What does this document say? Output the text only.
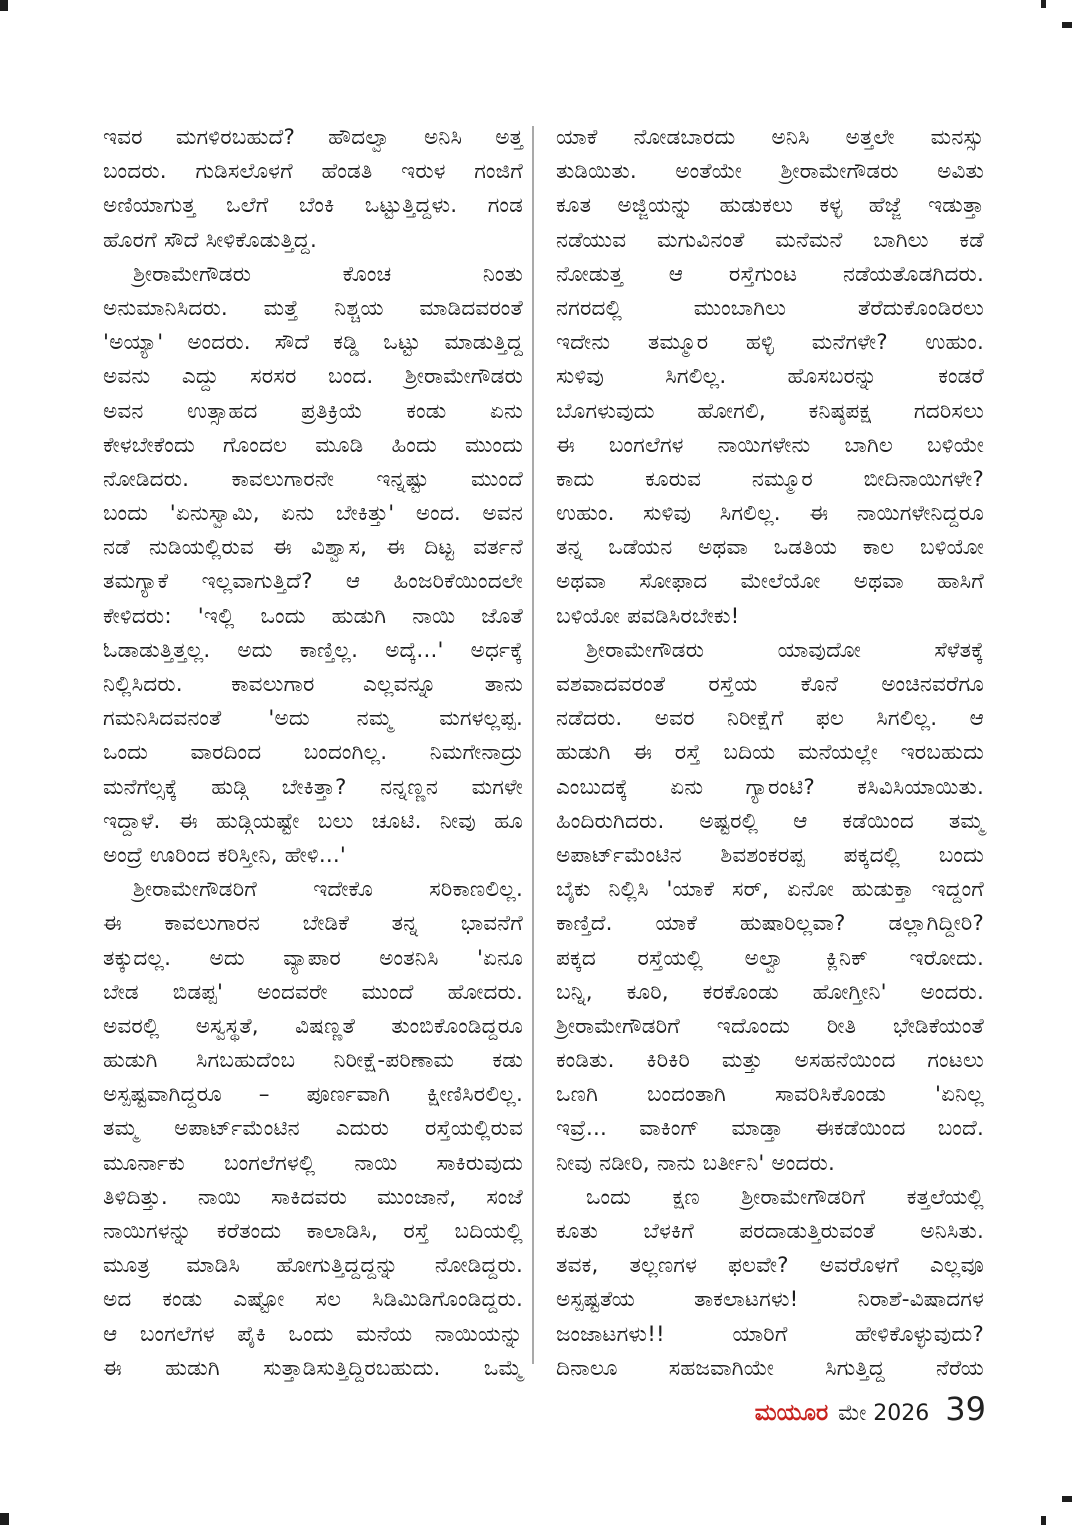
ಇವರ ಮಗಳಿರಬಹುದೆ? ಹೌದಲ್ವಾ ಅನಿಸಿ ಅತ್ತ
ಬಂದರು. ಗುಡಿಸಲೊಳಗೆ ಹೆಂಡತಿ ಇರುಳ ಗಂಜಿಗೆ
ಅಣಿಯಾಗುತ್ತ ಒಲೆಗೆ ಬೆಂಕಿ ಒಟ್ಟುತ್ತಿದ್ದಳು. ಗಂಡ
ಹೊರಗೆ ಸೌದೆ ಸೀಳಿಕೊಡುತ್ತಿದ್ದ.
ಶ್ರೀರಾಮೇಗೌಡರು ಕೊಂಚ ನಿಂತು
ಅನುಮಾನಿಸಿದರು. ಮತ್ತೆ ನಿಶ್ಚಯ ಮಾಡಿದವರಂತೆ
'ಅಯ್ಯಾ' ಅಂದರು. ಸೌದೆ ಕಡ್ಡಿ ಒಟ್ಟು ಮಾಡುತ್ತಿದ್ದ
ಅವನು ಎದ್ದು ಸರಸರ ಬಂದ. ಶ್ರೀರಾಮೇಗೌಡರು
ಅವನ ಉತ್ಸಾಹದ ಪ್ರತಿಕ್ರಿಯೆ ಕಂಡು ಏನು
ಕೇಳಬೇಕೆಂದು ಗೊಂದಲ ಮೂಡಿ ಹಿಂದು ಮುಂದು
ನೋಡಿದರು. ಕಾವಲುಗಾರನೇ ಇನ್ನಷ್ಟು ಮುಂದೆ
ಬಂದು 'ಏನುಸ್ವಾಮಿ, ಏನು ಬೇಕಿತ್ತು' ಅಂದ. ಅವನ
ನಡೆ ನುಡಿಯಲ್ಲಿರುವ ಈ ವಿಶ್ವಾಸ, ಈ ದಿಟ್ಟ ವರ್ತನೆ
ತಮಗ್ಯಾಕೆ ಇಲ್ಲವಾಗುತ್ತಿದೆ? ಆ ಹಿಂಜರಿಕೆಯಿಂದಲೇ
ಕೇಳಿದರು: 'ಇಲ್ಲಿ ಒಂದು ಹುಡುಗಿ ನಾಯಿ ಜೊತೆ
ಓಡಾಡುತ್ತಿತ್ತಲ್ಲ. ಅದು ಕಾಣ್ತಿಲ್ಲ. ಅದ್ಕೆ...' ಅರ್ಧಕ್ಕೆ
ನಿಲ್ಲಿಸಿದರು. ಕಾವಲುಗಾರ ಎಲ್ಲವನ್ನೂ ತಾನು
ಗಮನಿಸಿದವನಂತೆ 'ಅದು ನಮ್ಮ ಮಗಳಲ್ಲಪ್ಪ.
ಒಂದು ವಾರದಿಂದ ಬಂದಂಗಿಲ್ಲ. ನಿಮಗೇನಾದ್ರು
ಮನೆಗೆಲ್ಸಕ್ಕೆ ಹುಡ್ಗಿ ಬೇಕಿತ್ತಾ? ನನ್ನಣ್ಣನ ಮಗಳೇ
ಇದ್ದಾಳೆ. ಈ ಹುಡ್ಗಿಯಷ್ಟೇ ಬಲು ಚೂಟಿ. ನೀವು ಹೂ
ಅಂದ್ರೆ ಊರಿಂದ ಕರಿಸ್ತೀನಿ, ಹೇಳಿ...'
ಶ್ರೀರಾಮೇಗೌಡರಿಗೆ ಇದೇಕೊ ಸರಿಕಾಣಲಿಲ್ಲ.
ಈ ಕಾವಲುಗಾರನ ಬೇಡಿಕೆ ತನ್ನ ಭಾವನೆಗೆ
ತಕ್ಕುದಲ್ಲ. ಅದು ವ್ಯಾಪಾರ ಅಂತನಿಸಿ 'ಏನೂ
ಬೇಡ ಬಿಡಪ್ಪ' ಅಂದವರೇ ಮುಂದೆ ಹೋದರು.
ಅವರಲ್ಲಿ ಅಸ್ವಸ್ಥತೆ, ವಿಷಣ್ಣತೆ ತುಂಬಿಕೊಂಡಿದ್ದರೂ
ಹುಡುಗಿ ಸಿಗಬಹುದೆಂಬ ನಿರೀಕ್ಷೆ-ಪರಿಣಾಮ ಕಡು
ಅಸ್ಪಷ್ಟವಾಗಿದ್ದರೂ – ಪೂರ್ಣವಾಗಿ ಕ್ಷೀಣಿಸಿರಲಿಲ್ಲ.
ತಮ್ಮ ಅಪಾರ್ಟ್‌ಮೆಂಟಿನ ಎದುರು ರಸ್ತೆಯಲ್ಲಿರುವ
ಮೂರ್ನಾಕು ಬಂಗಲೆಗಳಲ್ಲಿ ನಾಯಿ ಸಾಕಿರುವುದು
ತಿಳಿದಿತ್ತು. ನಾಯಿ ಸಾಕಿದವರು ಮುಂಜಾನೆ, ಸಂಜೆ
ನಾಯಿಗಳನ್ನು ಕರೆತಂದು ಕಾಲಾಡಿಸಿ, ರಸ್ತೆ ಬದಿಯಲ್ಲಿ
ಮೂತ್ರ ಮಾಡಿಸಿ ಹೋಗುತ್ತಿದ್ದದ್ದನ್ನು ನೋಡಿದ್ದರು.
ಅದ ಕಂಡು ಎಷ್ಟೋ ಸಲ ಸಿಡಿಮಿಡಿಗೊಂಡಿದ್ದರು.
ಆ ಬಂಗಲೆಗಳ ಪೈಕಿ ಒಂದು ಮನೆಯ ನಾಯಿಯನ್ನು
ಈ ಹುಡುಗಿ ಸುತ್ತಾಡಿಸುತ್ತಿದ್ದಿರಬಹುದು. ಒಮ್ಮೆ
ಯಾಕೆ ನೋಡಬಾರದು ಅನಿಸಿ ಅತ್ತಲೇ ಮನಸ್ಸು
ತುಡಿಯಿತು. ಅಂತೆಯೇ ಶ್ರೀರಾಮೇಗೌಡರು ಅವಿತು
ಕೂತ ಅಜ್ಜಿಯನ್ನು ಹುಡುಕಲು ಕಳ್ಳ ಹೆಜ್ಜೆ ಇಡುತ್ತಾ
ನಡೆಯುವ ಮಗುವಿನಂತೆ ಮನೆಮನೆ ಬಾಗಿಲು ಕಡೆ
ನೋಡುತ್ತ ಆ ರಸ್ತೆಗುಂಟ ನಡೆಯತೊಡಗಿದರು.
ನಗರದಲ್ಲಿ ಮುಂಬಾಗಿಲು ತೆರೆದುಕೊಂಡಿರಲು
ಇದೇನು ತಮ್ಮೂರ ಹಳ್ಳಿ ಮನೆಗಳೇ? ಉಹುಂ.
ಸುಳಿವು ಸಿಗಲಿಲ್ಲ. ಹೊಸಬರನ್ನು ಕಂಡರೆ
ಬೊಗಳುವುದು ಹೋಗಲಿ, ಕನಿಷ್ಠಪಕ್ಷ ಗದರಿಸಲು
ಈ ಬಂಗಲೆಗಳ ನಾಯಿಗಳೇನು ಬಾಗಿಲ ಬಳಿಯೇ
ಕಾದು ಕೂರುವ ನಮ್ಮೂರ ಬೀದಿನಾಯಿಗಳೇ?
ಉಹುಂ. ಸುಳಿವು ಸಿಗಲಿಲ್ಲ. ಈ ನಾಯಿಗಳೇನಿದ್ದರೂ
ತನ್ನ ಒಡೆಯನ ಅಥವಾ ಒಡತಿಯ ಕಾಲ ಬಳಿಯೋ
ಅಥವಾ ಸೋಫಾದ ಮೇಲೆಯೋ ಅಥವಾ ಹಾಸಿಗೆ
ಬಳಿಯೋ ಪವಡಿಸಿರಬೇಕು!
ಶ್ರೀರಾಮೇಗೌಡರು ಯಾವುದೋ ಸೆಳೆತಕ್ಕೆ
ವಶವಾದವರಂತೆ ರಸ್ತೆಯ ಕೊನೆ ಅಂಚಿನವರೆಗೂ
ನಡೆದರು. ಅವರ ನಿರೀಕ್ಷೆಗೆ ಫಲ ಸಿಗಲಿಲ್ಲ. ಆ
ಹುಡುಗಿ ಈ ರಸ್ತೆ ಬದಿಯ ಮನೆಯಲ್ಲೇ ಇರಬಹುದು
ಎಂಬುದಕ್ಕೆ ಏನು ಗ್ಯಾರಂಟಿ? ಕಸಿವಿಸಿಯಾಯಿತು.
ಹಿಂದಿರುಗಿದರು. ಅಷ್ಟರಲ್ಲಿ ಆ ಕಡೆಯಿಂದ ತಮ್ಮ
ಅಪಾರ್ಟ್‌ಮೆಂಟಿನ ಶಿವಶಂಕರಪ್ಪ ಪಕ್ಕದಲ್ಲಿ ಬಂದು
ಬೈಕು ನಿಲ್ಲಿಸಿ 'ಯಾಕೆ ಸರ್, ಏನೋ ಹುಡುಕ್ತಾ ಇದ್ದಂಗೆ
ಕಾಣ್ತಿದೆ. ಯಾಕೆ ಹುಷಾರಿಲ್ಲವಾ? ಡಲ್ಲಾಗಿದ್ದೀರಿ?
ಪಕ್ಕದ ರಸ್ತೆಯಲ್ಲಿ ಅಲ್ವಾ ಕ್ಲಿನಿಕ್ ಇರೋದು.
ಬನ್ನಿ, ಕೂರಿ, ಕರಕೊಂಡು ಹೋಗ್ತೀನಿ' ಅಂದರು.
ಶ್ರೀರಾಮೇಗೌಡರಿಗೆ ಇದೊಂದು ರೀತಿ ಭೇಡಿಕೆಯಂತೆ
ಕಂಡಿತು. ಕಿರಿಕಿರಿ ಮತ್ತು ಅಸಹನೆಯಿಂದ ಗಂಟಲು
ಒಣಗಿ ಬಂದಂತಾಗಿ ಸಾವರಿಸಿಕೊಂಡು 'ಏನಿಲ್ಲ
ಇವ್ರೆ... ವಾಕಿಂಗ್ ಮಾಡ್ತಾ ಈಕಡೆಯಿಂದ ಬಂದೆ.
ನೀವು ನಡೀರಿ, ನಾನು ಬರ್ತೀನಿ' ಅಂದರು.
ಒಂದು ಕ್ಷಣ ಶ್ರೀರಾಮೇಗೌಡರಿಗೆ ಕತ್ತಲೆಯಲ್ಲಿ
ಕೂತು ಬೆಳಕಿಗೆ ಪರದಾಡುತ್ತಿರುವಂತೆ ಅನಿಸಿತು.
ತವಕ, ತಲ್ಲಣಗಳ ಫಲವೇ? ಅವರೊಳಗೆ ಎಲ್ಲವೂ
ಅಸ್ಪಷ್ಟತೆಯ ತಾಕಲಾಟಗಳು! ನಿರಾಶೆ-ವಿಷಾದಗಳ
ಜಂಜಾಟಗಳು!! ಯಾರಿಗೆ ಹೇಳಿಕೊಳ್ಳುವುದು?
ದಿನಾಲೂ ಸಹಜವಾಗಿಯೇ ಸಿಗುತ್ತಿದ್ದ ನೆರೆಯ
ಮಯೂರ ಮೇ 2026 39
